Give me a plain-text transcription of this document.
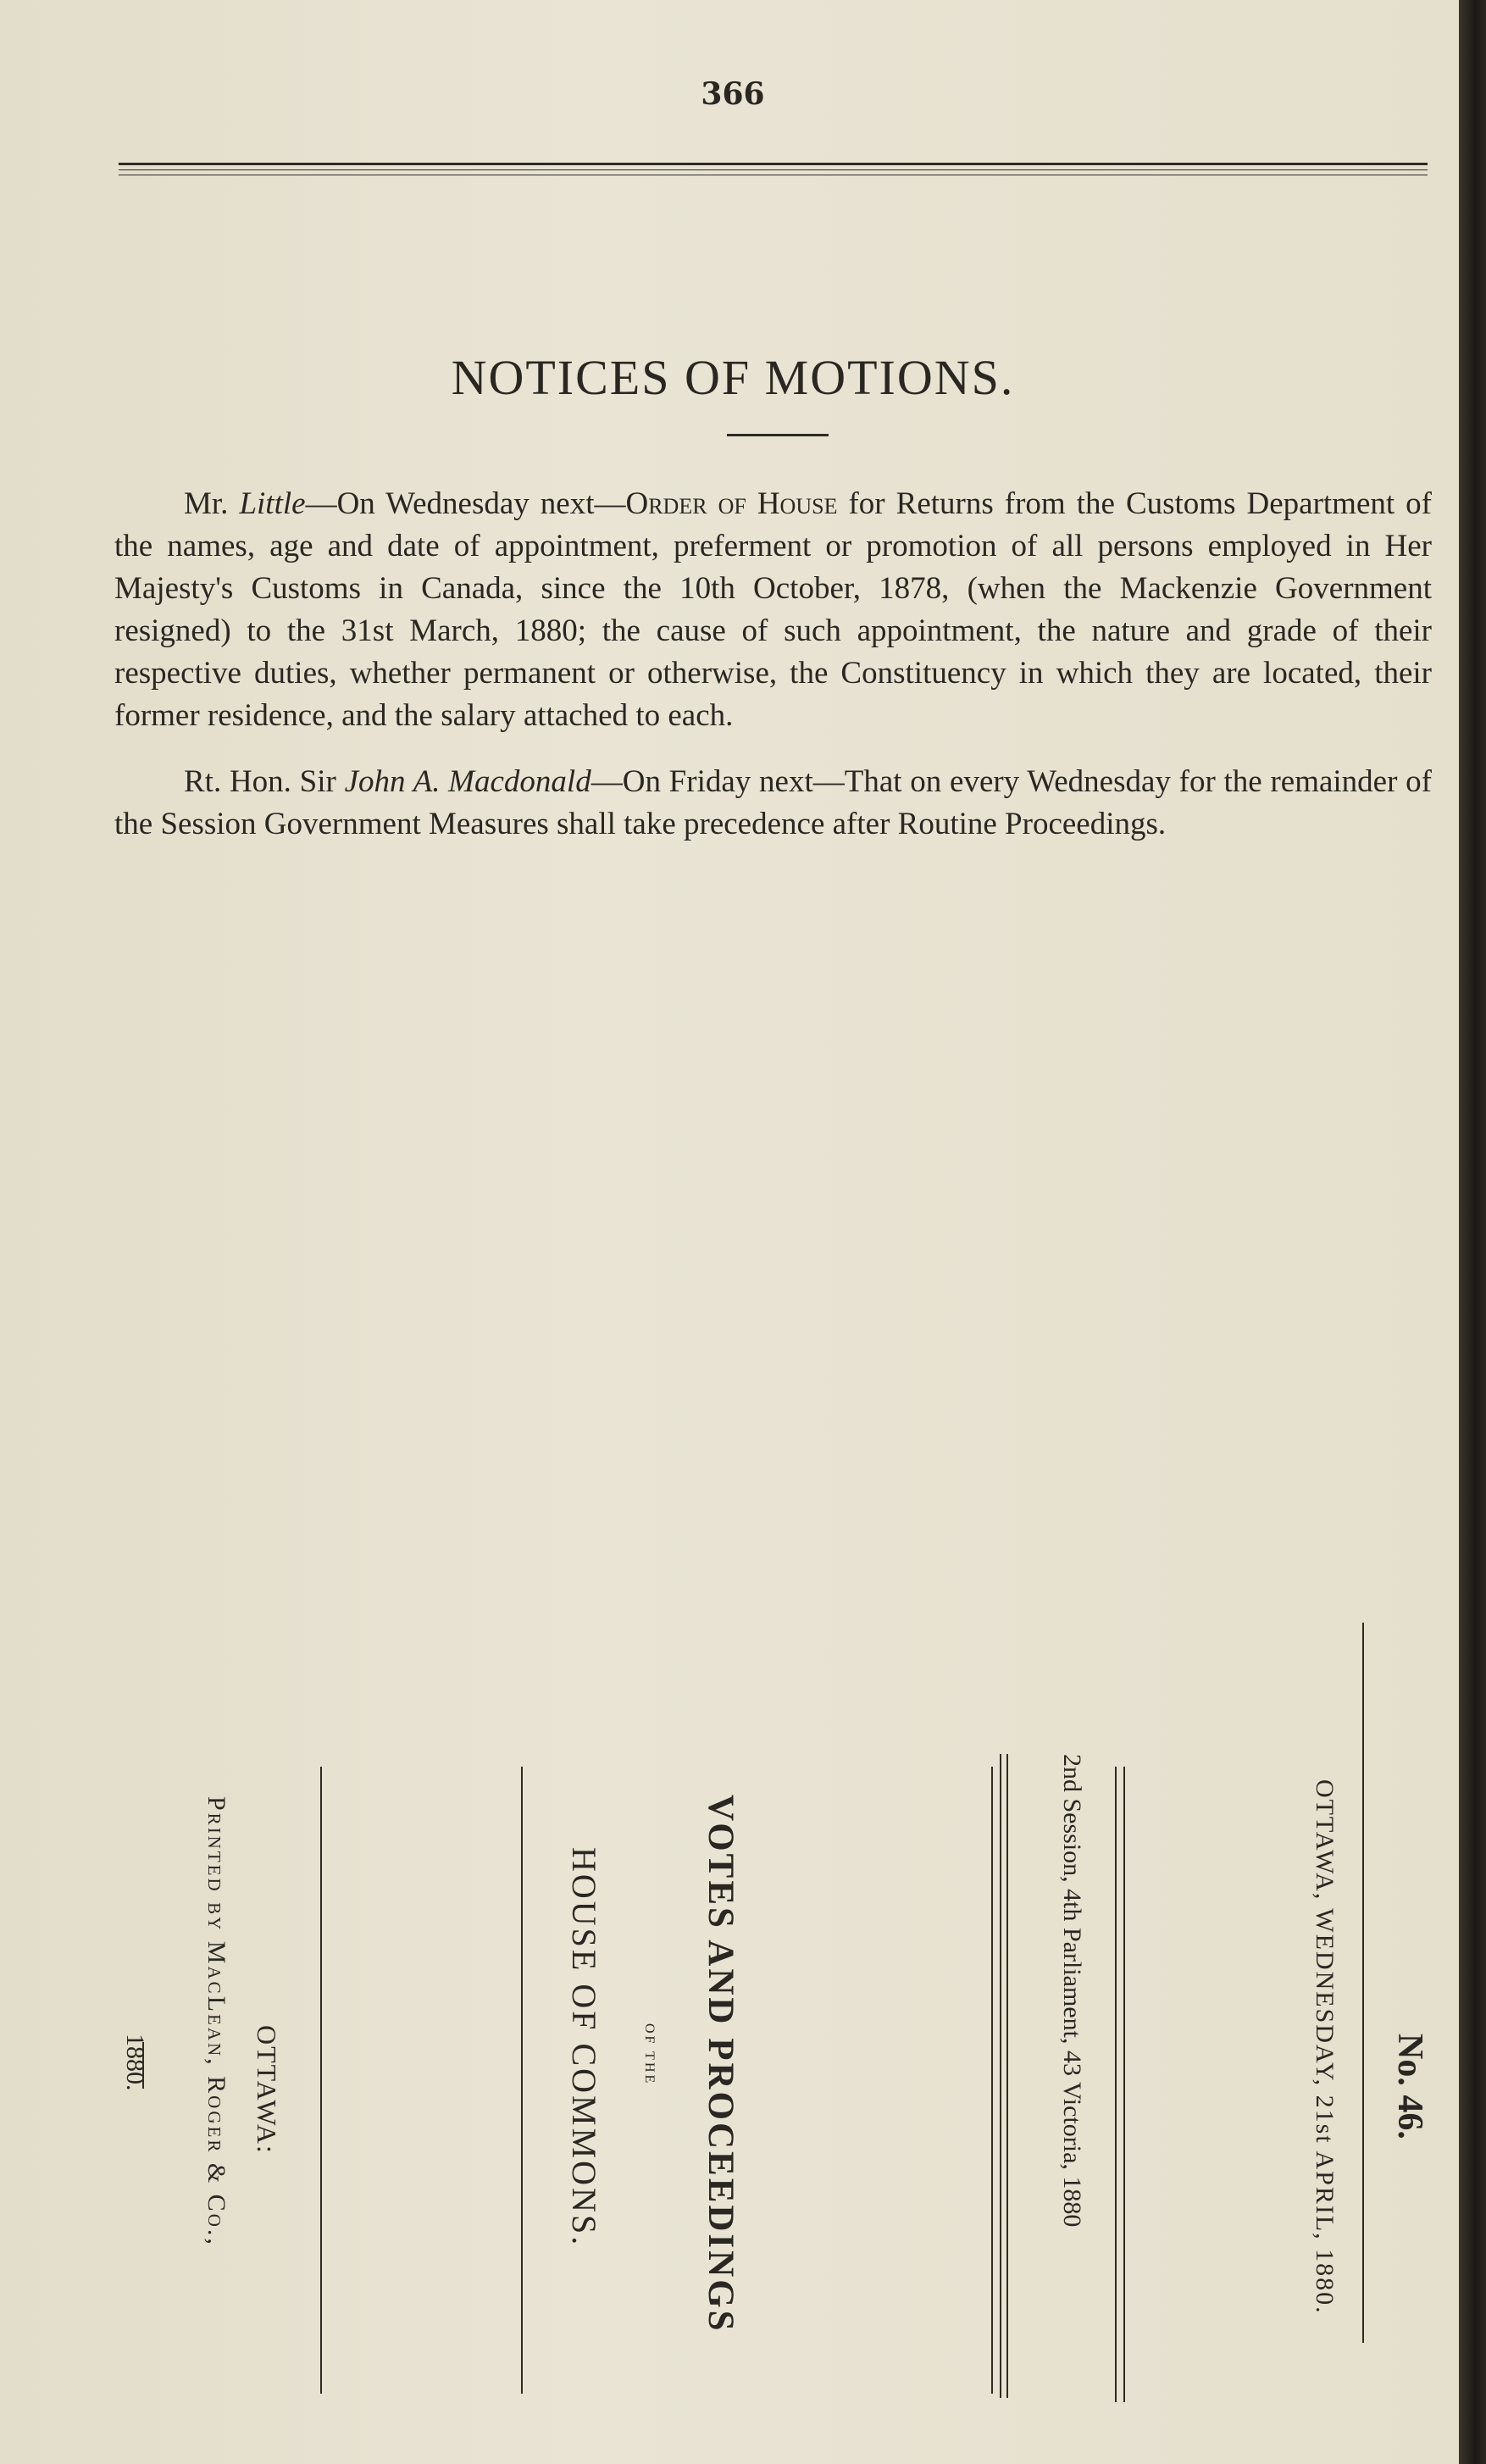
366
NOTICES OF MOTIONS.
Mr. Little—On Wednesday next—Order of House for Returns from the Customs Department of the names, age and date of appointment, preferment or promotion of all persons employed in Her Majesty's Customs in Canada, since the 10th October, 1878, (when the Mackenzie Government resigned) to the 31st March, 1880; the cause of such appointment, the nature and grade of their respective duties, whether permanent or otherwise, the Constituency in which they are located, their former residence, and the salary attached to each.
Rt. Hon. Sir John A. Macdonald—On Friday next—That on every Wednesday for the remainder of the Session Government Measures shall take precedence after Routine Proceedings.
No. 46.
OTTAWA, WEDNESDAY, 21st APRIL, 1880.
2nd Session, 4th Parliament, 43 Victoria, 1880
VOTES AND PROCEEDINGS
OF THE
HOUSE OF COMMONS.
OTTAWA:
Printed by MacLean, Roger & Co.,
1880.
